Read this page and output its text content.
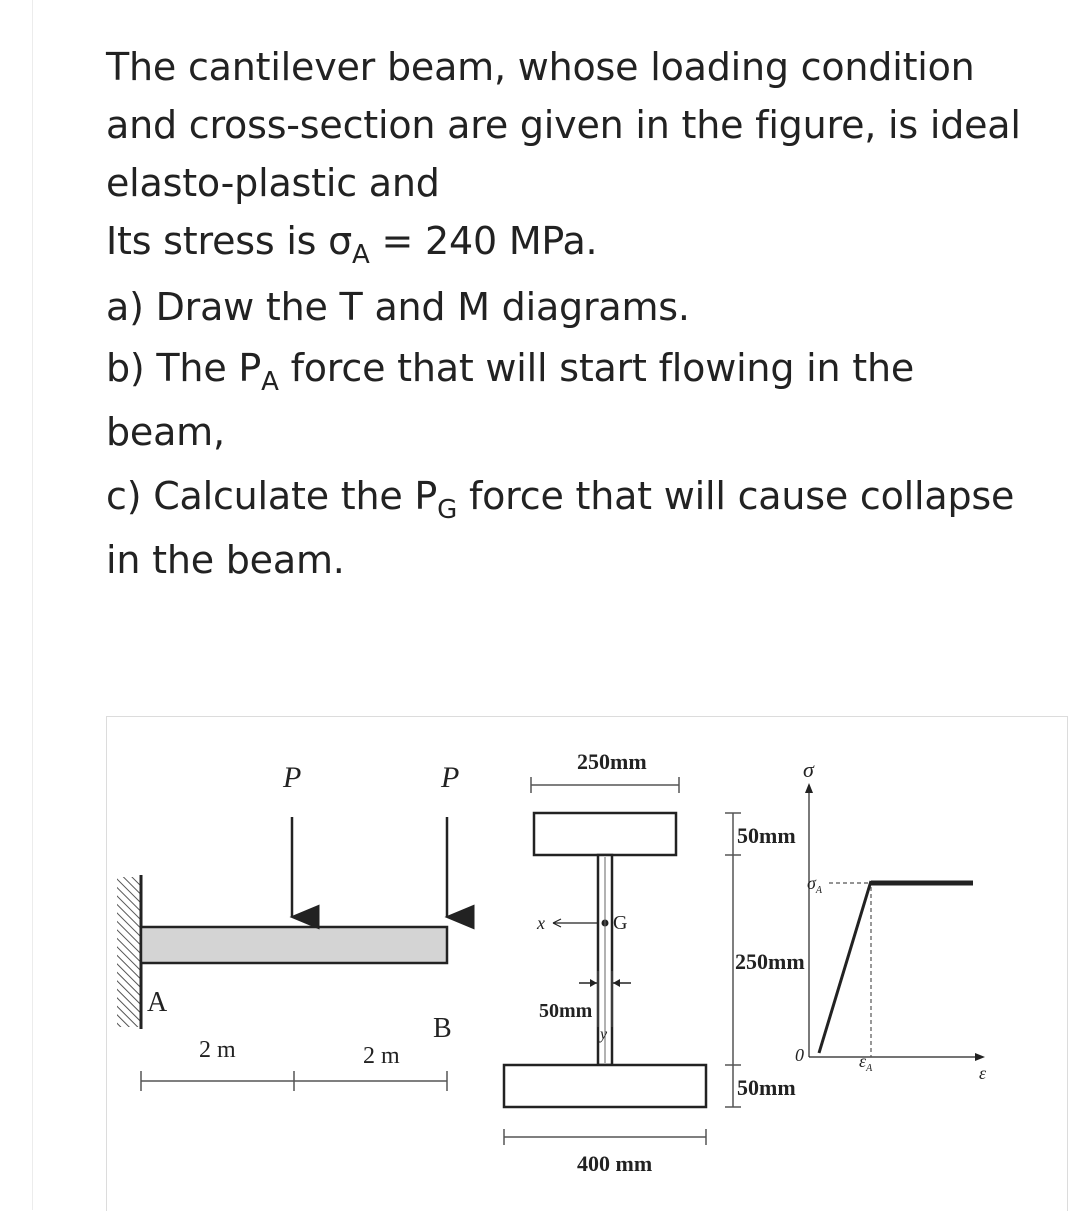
The cantilever beam, whose loading condition

and cross-section are given in the figure, is ideal

elasto-plastic and

Its stress is $\sigma_A = 240$ MPa.

a) Draw the T and M diagrams.

b) The $P_A$ force that will start flowing in the

beam,

c) Calculate the $P_G$ force that will cause collapse

in the beam.

P	P
A
B
2 m	2 m
250mm
400 mm
x	G
y
50mm
50mm
250mm
50mm
σ
ε
$\sigma_A$
0	$\varepsilon_A$
